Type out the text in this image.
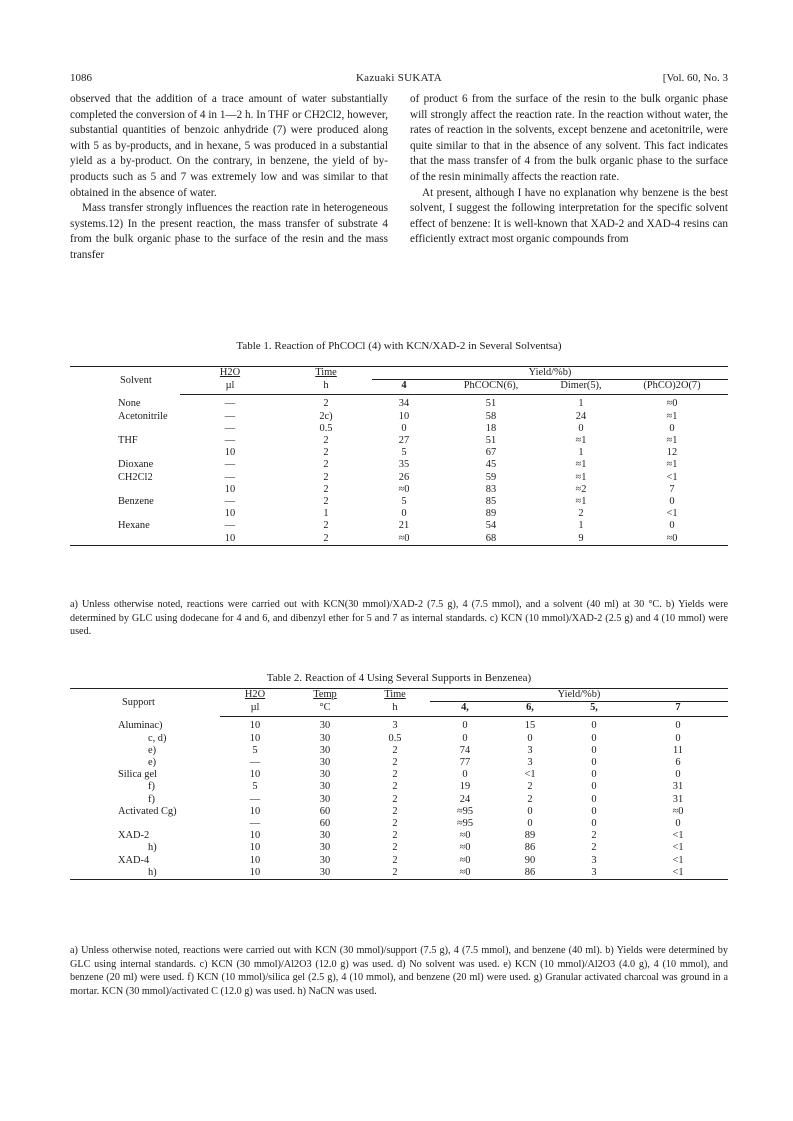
1086	Kazuaki SUKATA	[Vol. 60, No. 3

observed that the addition of a trace amount of water substantially completed the conversion of 4 in 1—2 h. In THF or CH2Cl2, however, substantial quantities of benzoic anhydride (7) were produced along with 5 as by-products, and in hexane, 5 was produced in a substantial yield as a by-product. On the contrary, in benzene, the yield of by-products such as 5 and 7 was extremely low and was similar to that obtained in the absence of water.

Mass transfer strongly influences the reaction rate in heterogeneous systems.12) In the present reaction, the mass transfer of substrate 4 from the bulk organic phase to the surface of the resin and the mass transfer

of product 6 from the surface of the resin to the bulk organic phase will strongly affect the reaction rate. In the reaction without water, the rates of reaction in the solvents, except benzene and acetonitrile, were quite similar to that in the absence of any solvent. This fact indicates that the mass transfer of 4 from the bulk organic phase to the surface of the resin minimally affects the reaction rate.

At present, although I have no explanation why benzene is the best solvent, I suggest the following interpretation for the specific solvent effect of benzene: It is well-known that XAD-2 and XAD-4 resins can efficiently extract most organic compounds from

Table 1. Reaction of PhCOCl (4) with KCN/XAD-2 in Several Solventsa)
Solvent	H2O	Time	Yield/%b)			
	µl	h	4	PhCOCN(6),	Dimer(5),	(PhCO)2O(7)
None	—	2	34	51	1	≈0
Acetonitrile	—	2c)	10	58	24	≈1
	—	0.5	0	18	0	0
THF	—	2	27	51	≈1	≈1
	10	2	5	67	1	12
Dioxane	—	2	35	45	≈1	≈1
CH2Cl2	—	2	26	59	≈1	<1
	10	2	≈0	83	≈2	7
Benzene	—	2	5	85	≈1	0
	10	1	0	89	2	<1
Hexane	—	2	21	54	1	0
	10	2	≈0	68	9	≈0
a) Unless otherwise noted, reactions were carried out with KCN(30 mmol)/XAD-2 (7.5 g), 4 (7.5 mmol), and a solvent (40 ml) at 30 °C. b) Yields were determined by GLC using dodecane for 4 and 6, and dibenzyl ether for 5 and 7 as internal standards. c) KCN (10 mmol)/XAD-2 (2.5 g) and 4 (10 mmol) were used.
Table 2. Reaction of 4 Using Several Supports in Benzenea)
Support	H2O	Temp	Time	Yield/%b)			
	µl	°C	h	4,	6,	5,	7
Aluminac)	10	30	3	0	15	0	0
c, d)	10	30	0.5	0	0	0	0
e)	5	30	2	74	3	0	11
e)	—	30	2	77	3	0	6
Silica gel	10	30	2	0	<1	0	0
f)	5	30	2	19	2	0	31
f)	—	30	2	24	2	0	31
Activated Cg)	10	60	2	≈95	0	0	≈0
	—	60	2	≈95	0	0	0
XAD-2	10	30	2	≈0	89	2	<1
h)	10	30	2	≈0	86	2	<1
XAD-4	10	30	2	≈0	90	3	<1
h)	10	30	2	≈0	86	3	<1
a) Unless otherwise noted, reactions were carried out with KCN (30 mmol)/support (7.5 g), 4 (7.5 mmol), and benzene (40 ml). b) Yields were determined by GLC using internal standards. c) KCN (30 mmol)/Al2O3 (12.0 g) was used. d) No solvent was used. e) KCN (10 mmol)/Al2O3 (4.0 g), 4 (10 mmol), and benzene (20 ml) were used. f) KCN (10 mmol)/silica gel (2.5 g), 4 (10 mmol), and benzene (20 ml) were used. g) Granular activated charcoal was ground in a mortar. KCN (30 mmol)/activated C (12.0 g) was used. h) NaCN was used.
